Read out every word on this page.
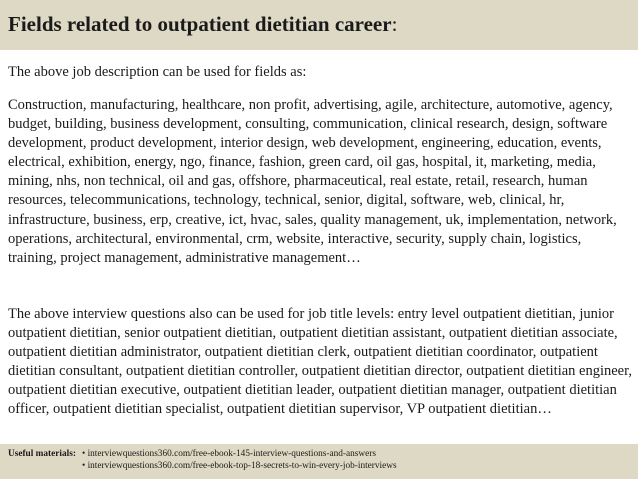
Fields related to outpatient dietitian career:
The above job description can be used for fields as:
Construction, manufacturing, healthcare, non profit, advertising, agile, architecture, automotive, agency, budget, building, business development, consulting, communication, clinical research, design, software development, product development, interior design, web development, engineering, education, events, electrical, exhibition, energy, ngo, finance, fashion, green card, oil gas, hospital, it, marketing, media, mining, nhs, non technical, oil and gas, offshore, pharmaceutical, real estate, retail, research, human resources, telecommunications, technology, technical, senior, digital, software, web, clinical, hr, infrastructure, business, erp, creative, ict, hvac, sales, quality management, uk, implementation, network, operations, architectural, environmental, crm, website, interactive, security, supply chain, logistics, training, project management, administrative management…
The above interview questions also can be used for job title levels: entry level outpatient dietitian, junior outpatient dietitian, senior outpatient dietitian, outpatient dietitian assistant, outpatient dietitian associate, outpatient dietitian administrator, outpatient dietitian clerk, outpatient dietitian coordinator, outpatient dietitian consultant, outpatient dietitian controller, outpatient dietitian director, outpatient dietitian engineer, outpatient dietitian executive, outpatient dietitian leader, outpatient dietitian manager, outpatient dietitian officer, outpatient dietitian specialist, outpatient dietitian supervisor, VP outpatient dietitian…
Useful materials: • interviewquestions360.com/free-ebook-145-interview-questions-and-answers
• interviewquestions360.com/free-ebook-top-18-secrets-to-win-every-job-interviews
